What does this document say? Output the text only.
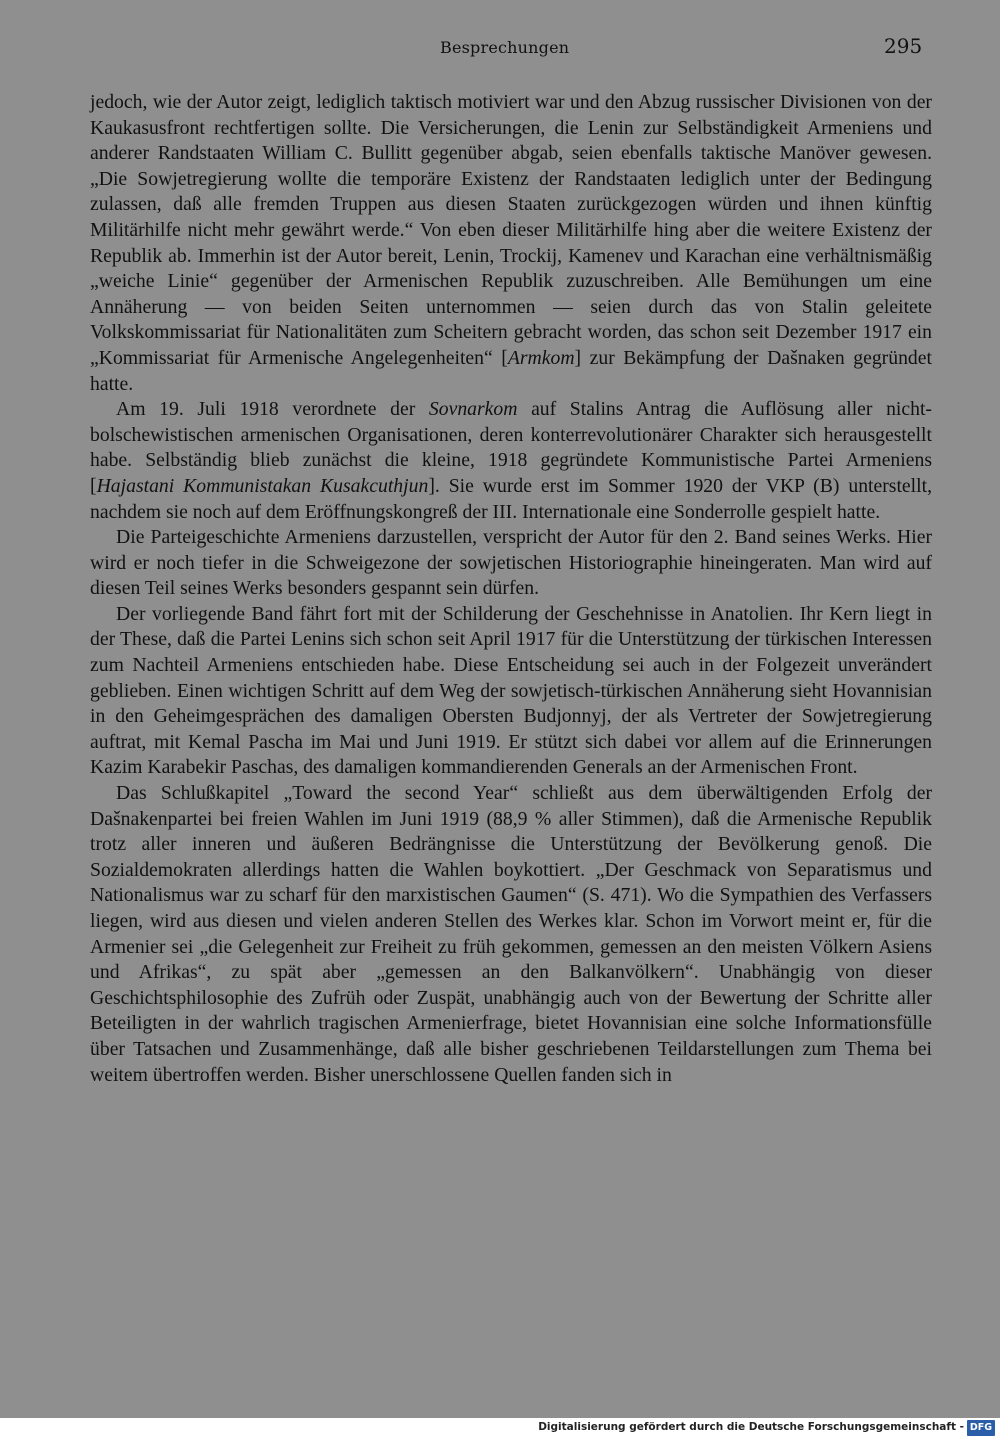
Besprechungen	295

jedoch, wie der Autor zeigt, lediglich taktisch motiviert war und den Abzug russischer Divisionen von der Kaukasusfront rechtfertigen sollte. Die Versicherungen, die Lenin zur Selbständigkeit Armeniens und anderer Randstaaten William C. Bullitt gegenüber abgab, seien ebenfalls taktische Manöver gewesen. „Die Sowjetregierung wollte die temporäre Existenz der Randstaaten lediglich unter der Bedingung zulassen, daß alle fremden Truppen aus diesen Staaten zurückgezogen würden und ihnen künftig Militärhilfe nicht mehr gewährt werde.“ Von eben dieser Militärhilfe hing aber die weitere Existenz der Republik ab. Immerhin ist der Autor bereit, Lenin, Trockij, Kamenev und Karachan eine verhältnismäßig „weiche Linie“ gegenüber der Armenischen Republik zuzuschreiben. Alle Bemühungen um eine Annäherung — von beiden Seiten unternommen — seien durch das von Stalin geleitete Volkskommissariat für Nationalitäten zum Scheitern gebracht worden, das schon seit Dezember 1917 ein „Kommissariat für Armenische Angelegenheiten“ [Armkom] zur Bekämpfung der Dašnaken gegründet hatte.

Am 19. Juli 1918 verordnete der Sovnarkom auf Stalins Antrag die Auflösung aller nicht-bolschewistischen armenischen Organisationen, deren konterrevolutionärer Charakter sich herausgestellt habe. Selbständig blieb zunächst die kleine, 1918 gegründete Kommunistische Partei Armeniens [Hajastani Kommunistakan Kusakcuthjun]. Sie wurde erst im Sommer 1920 der VKP (B) unterstellt, nachdem sie noch auf dem Eröffnungskongreß der III. Internationale eine Sonderrolle gespielt hatte.

Die Parteigeschichte Armeniens darzustellen, verspricht der Autor für den 2. Band seines Werks. Hier wird er noch tiefer in die Schweigezone der sowjetischen Historiographie hineingeraten. Man wird auf diesen Teil seines Werks besonders gespannt sein dürfen.

Der vorliegende Band fährt fort mit der Schilderung der Geschehnisse in Anatolien. Ihr Kern liegt in der These, daß die Partei Lenins sich schon seit April 1917 für die Unterstützung der türkischen Interessen zum Nachteil Armeniens entschieden habe. Diese Entscheidung sei auch in der Folgezeit unverändert geblieben. Einen wichtigen Schritt auf dem Weg der sowjetisch-türkischen Annäherung sieht Hovannisian in den Geheimgesprächen des damaligen Obersten Budjonnyj, der als Vertreter der Sowjetregierung auftrat, mit Kemal Pascha im Mai und Juni 1919. Er stützt sich dabei vor allem auf die Erinnerungen Kazim Karabekir Paschas, des damaligen kommandierenden Generals an der Armenischen Front.

Das Schlußkapitel „Toward the second Year“ schließt aus dem überwältigenden Erfolg der Dašnakenpartei bei freien Wahlen im Juni 1919 (88,9 % aller Stimmen), daß die Armenische Republik trotz aller inneren und äußeren Bedrängnisse die Unterstützung der Bevölkerung genoß. Die Sozialdemokraten allerdings hatten die Wahlen boykottiert. „Der Geschmack von Separatismus und Nationalismus war zu scharf für den marxistischen Gaumen“ (S. 471). Wo die Sympathien des Verfassers liegen, wird aus diesen und vielen anderen Stellen des Werkes klar. Schon im Vorwort meint er, für die Armenier sei „die Gelegenheit zur Freiheit zu früh gekommen, gemessen an den meisten Völkern Asiens und Afrikas“, zu spät aber „gemessen an den Balkanvölkern“. Unabhängig von dieser Geschichtsphilosophie des Zufrüh oder Zuspät, unabhängig auch von der Bewertung der Schritte aller Beteiligten in der wahrlich tragischen Armenierfrage, bietet Hovannisian eine solche Informationsfülle über Tatsachen und Zusammenhänge, daß alle bisher geschriebenen Teildarstellungen zum Thema bei weitem übertroffen werden. Bisher unerschlossene Quellen fanden sich in

Digitalisierung gefördert durch die Deutsche Forschungsgemeinschaft - DFG
